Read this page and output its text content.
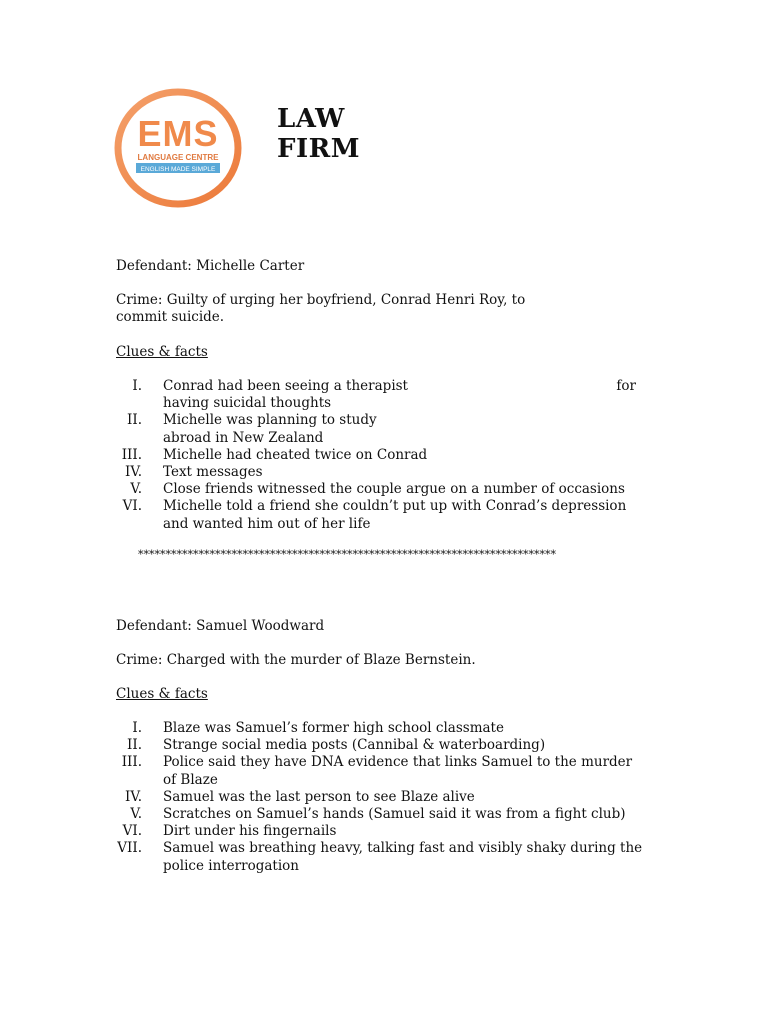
EMS
LANGUAGE CENTRE
ENGLISH MADE SIMPLE
LAW
FIRM
Defendant: Michelle Carter
Crime: Guilty of urging her boyfriend, Conrad Henri Roy, to commit suicide.
Clues & facts
I. Conrad had been seeing a therapist	for

having suicidal thoughts
II. Michelle was planning to study
abroad in New Zealand
III. Michelle had cheated twice on Conrad
IV. Text messages
V. Close friends witnessed the couple argue on a number of occasions
VI. Michelle told a friend she couldn’t put up with Conrad’s depression and wanted him out of her life
****************************************************************************
Defendant: Samuel Woodward
Crime: Charged with the murder of Blaze Bernstein.
Clues & facts
I. Blaze was Samuel’s former high school classmate
II. Strange social media posts (Cannibal & waterboarding)
III. Police said they have DNA evidence that links Samuel to the murder of Blaze
IV. Samuel was the last person to see Blaze alive
V. Scratches on Samuel’s hands (Samuel said it was from a fight club)
VI. Dirt under his fingernails
VII. Samuel was breathing heavy, talking fast and visibly shaky during the police interrogation
